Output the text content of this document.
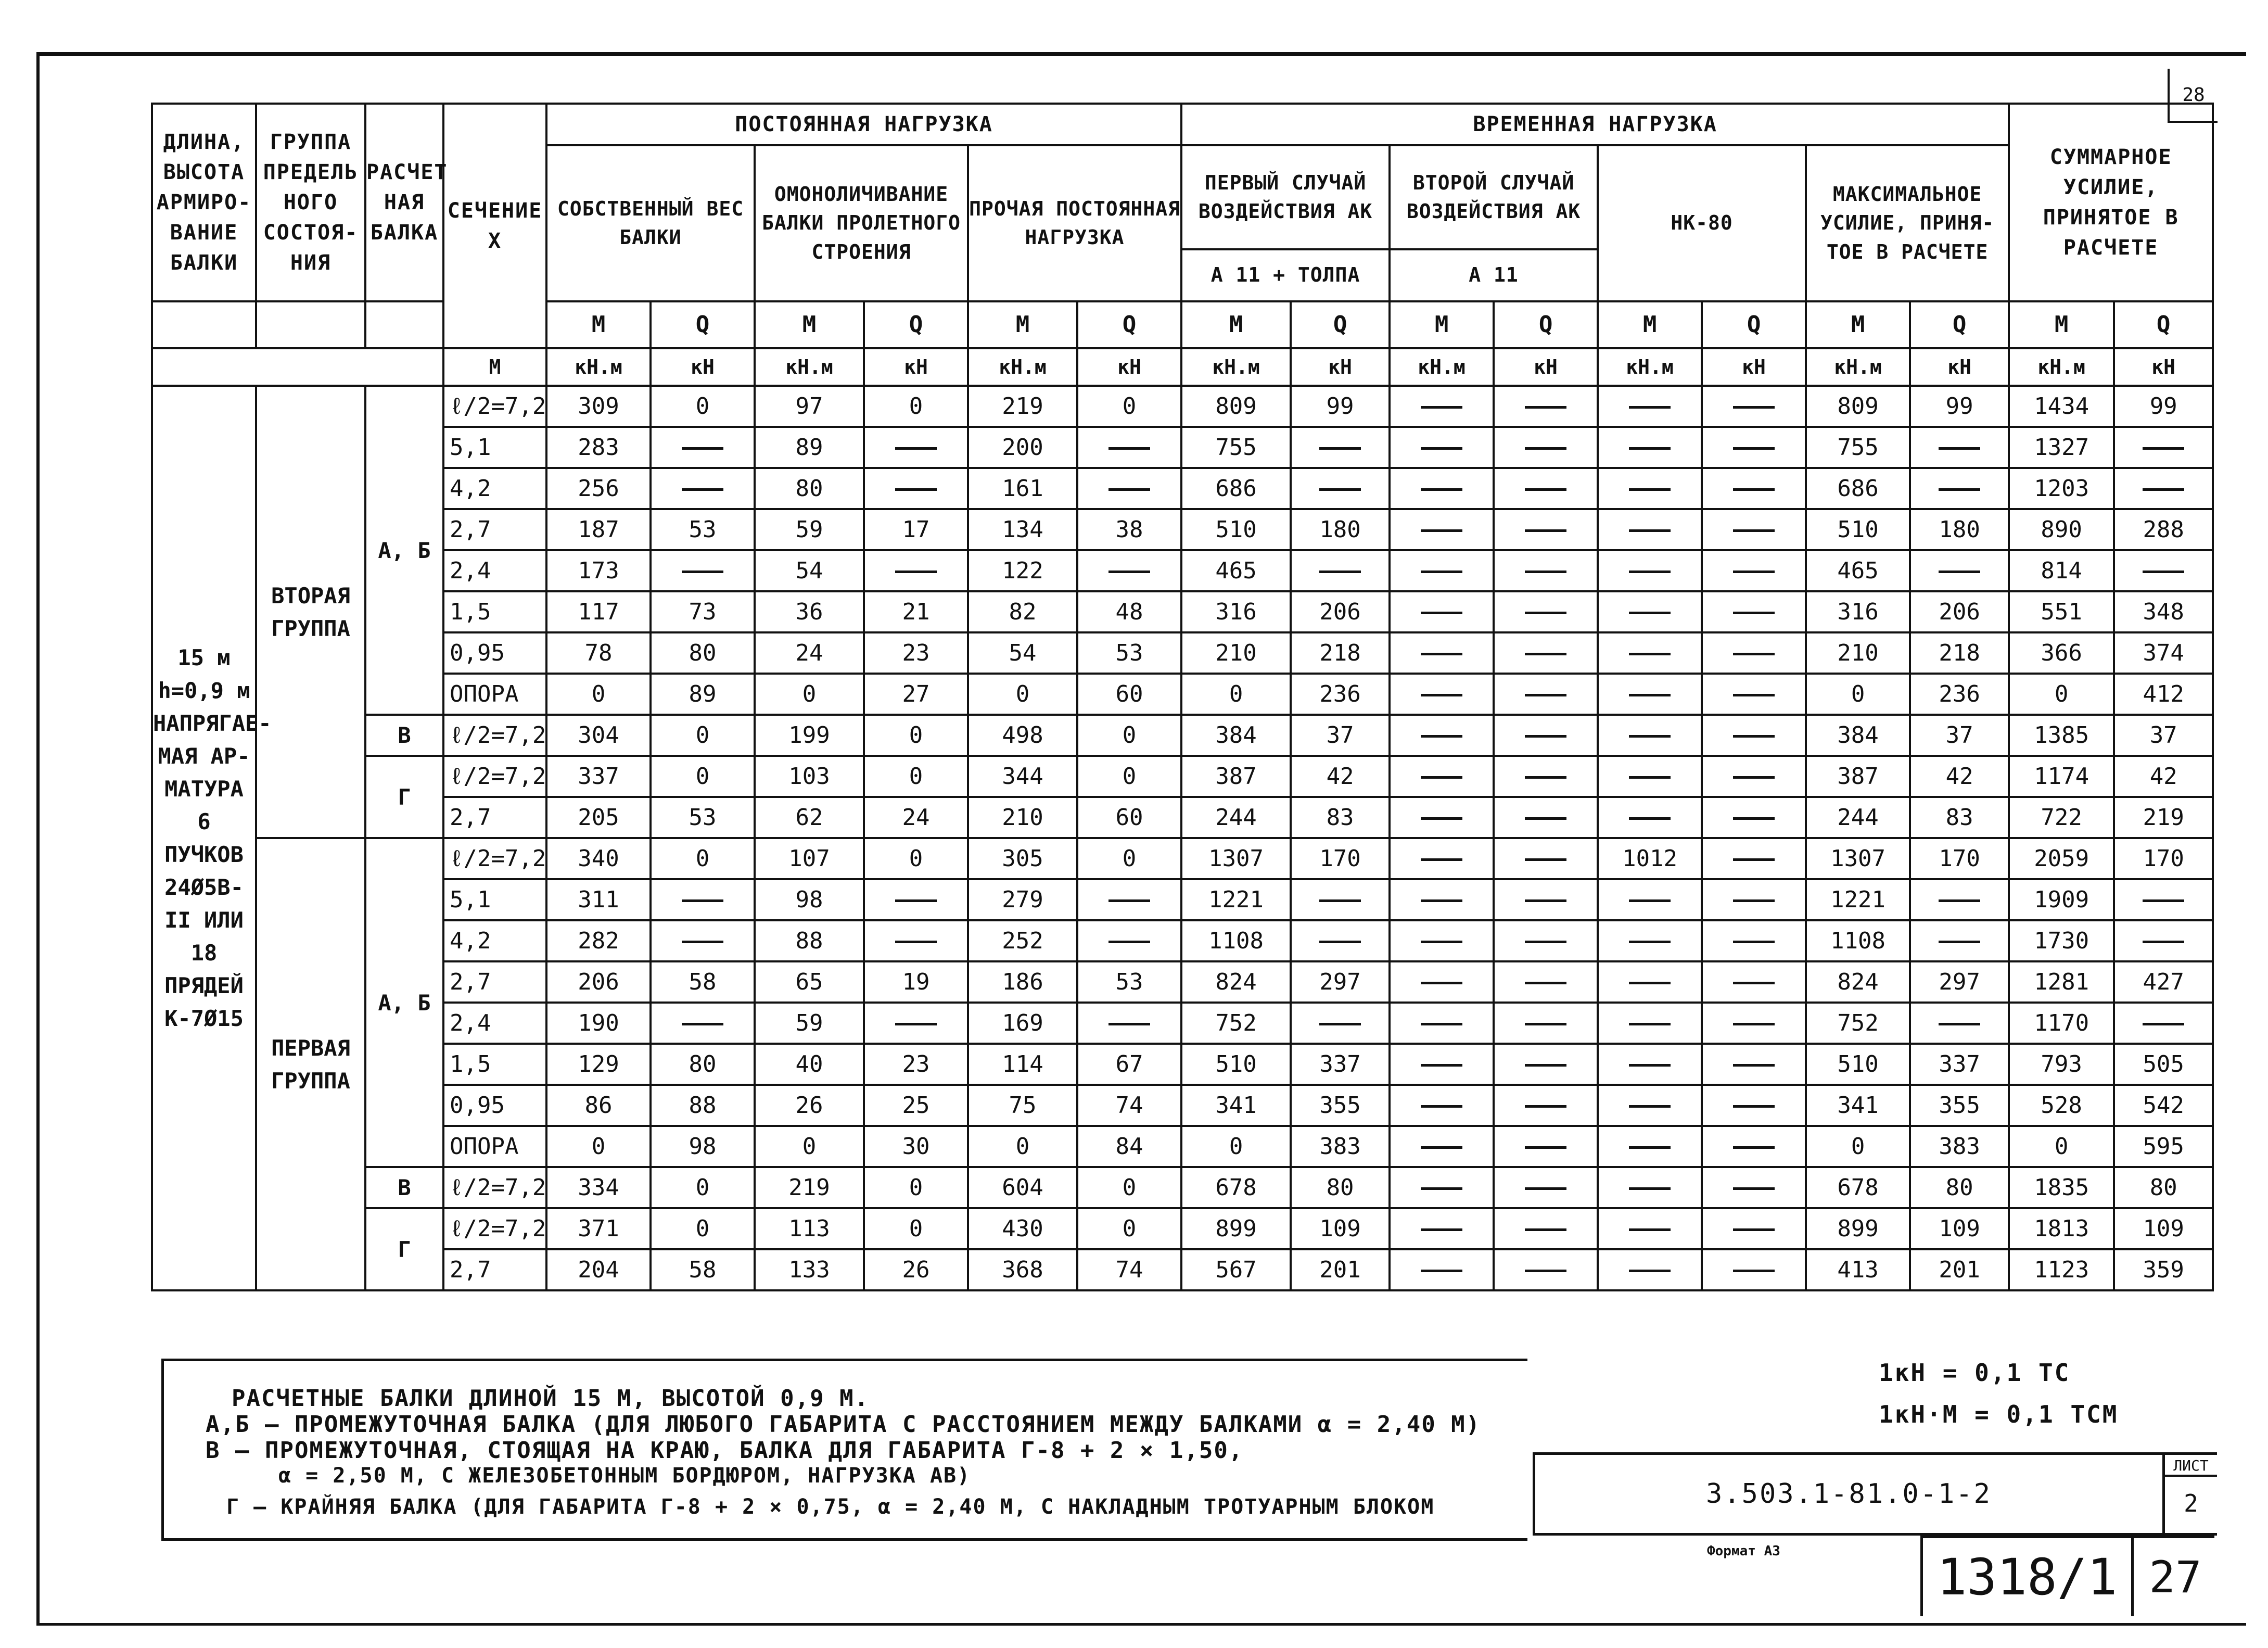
28
ДЛИНА, ВЫСОТА АРМИРО- ВАНИЕ БАЛКИ	ГРУППА ПРЕДЕЛЬ НОГО СОСТОЯ- НИЯ	РАСЧЕТ НАЯ БАЛКА	СЕЧЕНИЕ X	ПОСТОЯННАЯ НАГРУЗКА						ВРЕМЕННАЯ НАГРУЗКА								СУММАРНОЕ УСИЛИЕ, ПРИНЯТОЕ В РАСЧЕТЕ	
				СОБСТВЕННЫЙ ВЕС БАЛКИ		ОМОНОЛИЧИВАНИЕ БАЛКИ ПРОЛЕТНОГО СТРОЕНИЯ		ПРОЧАЯ ПОСТОЯННАЯ НАГРУЗКА		ПЕРВЫЙ СЛУЧАЙ ВОЗДЕЙСТВИЯ АК		ВТОРОЙ СЛУЧАЙ ВОЗДЕЙСТВИЯ АК		НК-80		МАКСИМАЛЬНОЕ УСИЛИЕ, ПРИНЯ- ТОЕ В РАСЧЕТЕ			
										А 11 + ТОЛПА		А 11							
				М	Q	М	Q	М	Q	М	Q	М	Q	М	Q	М	Q	М	Q
			М	кН.м	кН	кН.м	кН	кН.м	кН	кН.м	кН	кН.м	кН	кН.м	кН	кН.м	кН	кН.м	кН
15 м h=0,9 м НАПРЯГАЕ- МАЯ АР- МАТУРА 6 ПУЧКОВ 24Ø5В-II ИЛИ 18 ПРЯДЕЙ К-7Ø15	ВТОРАЯ ГРУППА	А, Б	ℓ/2=7,2	309	0	97	0	219	0	809	99					809	99	1434	99
			5,1	283		89		200		755						755		1327	
			4,2	256		80		161		686						686		1203	
			2,7	187	53	59	17	134	38	510	180					510	180	890	288
			2,4	173		54		122		465						465		814	
			1,5	117	73	36	21	82	48	316	206					316	206	551	348
			0,95	78	80	24	23	54	53	210	218					210	218	366	374
			ОПОРА	0	89	0	27	0	60	0	236					0	236	0	412
		В	ℓ/2=7,2	304	0	199	0	498	0	384	37					384	37	1385	37
		Г	ℓ/2=7,2	337	0	103	0	344	0	387	42					387	42	1174	42
			2,7	205	53	62	24	210	60	244	83					244	83	722	219
	ПЕРВАЯ ГРУППА	А, Б	ℓ/2=7,2	340	0	107	0	305	0	1307	170			1012		1307	170	2059	170
			5,1	311		98		279		1221						1221		1909	
			4,2	282		88		252		1108						1108		1730	
			2,7	206	58	65	19	186	53	824	297					824	297	1281	427
			2,4	190		59		169		752						752		1170	
			1,5	129	80	40	23	114	67	510	337					510	337	793	505
			0,95	86	88	26	25	75	74	341	355					341	355	528	542
			ОПОРА	0	98	0	30	0	84	0	383					0	383	0	595
		В	ℓ/2=7,2	334	0	219	0	604	0	678	80					678	80	1835	80
		Г	ℓ/2=7,2	371	0	113	0	430	0	899	109					899	109	1813	109
			2,7	204	58	133	26	368	74	567	201					413	201	1123	359
РАСЧЕТНЫЕ БАЛКИ ДЛИНОЙ 15 М, ВЫСОТОЙ 0,9 М.
А,Б – ПРОМЕЖУТОЧНАЯ БАЛКА (ДЛЯ ЛЮБОГО ГАБАРИТА С РАССТОЯНИЕМ МЕЖДУ БАЛКАМИ α = 2,40 М)
В – ПРОМЕЖУТОЧНАЯ, СТОЯЩАЯ НА КРАЮ, БАЛКА ДЛЯ ГАБАРИТА Г-8 + 2 × 1,50,
α = 2,50 М, С ЖЕЛЕЗОБЕТОННЫМ БОРДЮРОМ, НАГРУЗКА АВ)
Г – КРАЙНЯЯ БАЛКА (ДЛЯ ГАБАРИТА Г-8 + 2 × 0,75, α = 2,40 М, С НАКЛАДНЫМ ТРОТУАРНЫМ БЛОКОМ
1кН = 0,1 ТС
1кН·М = 0,1 ТСМ
3.503.1-81.0-1-2
ЛИСТ
2
Формат А3	1318/1 27
